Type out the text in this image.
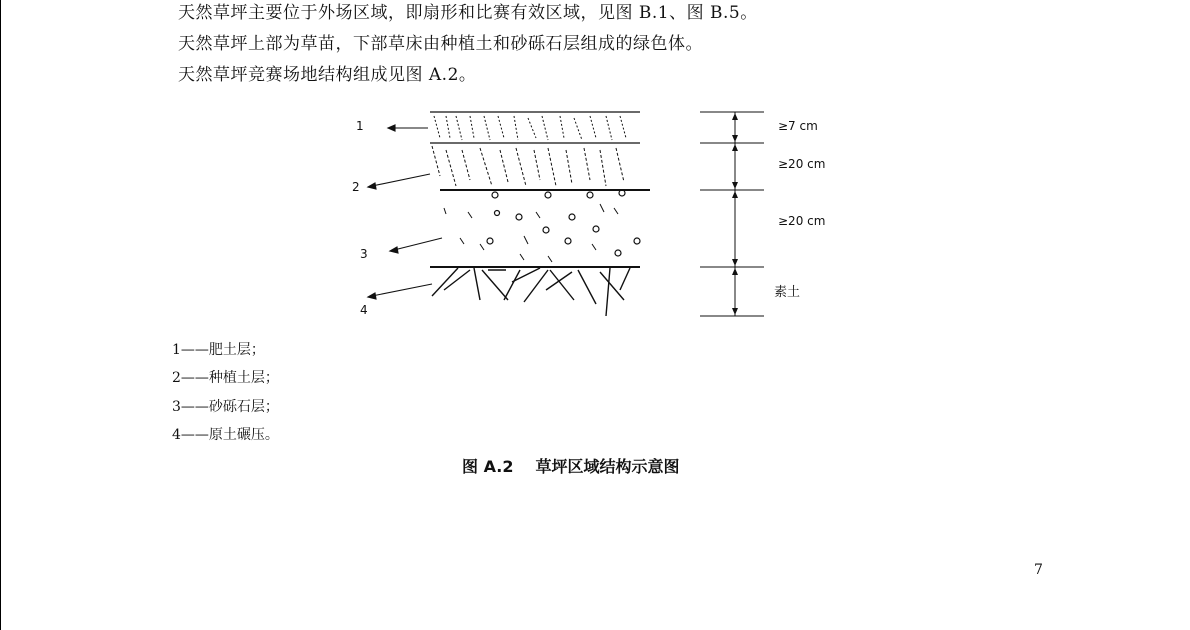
天然草坪主要位于外场区域，即扇形和比赛有效区域，见图 B.1、图 B.5。
天然草坪上部为草苗，下部草床由种植土和砂砾石层组成的绿色体。
天然草坪竞赛场地结构组成见图 A.2。
1
2
3
4
≥7 cm
≥20 cm
≥20 cm
素土
1——肥土层；
2——种植土层；
3——砂砾石层；
4——原土碾压。
图 A.2 草坪区域结构示意图
7
